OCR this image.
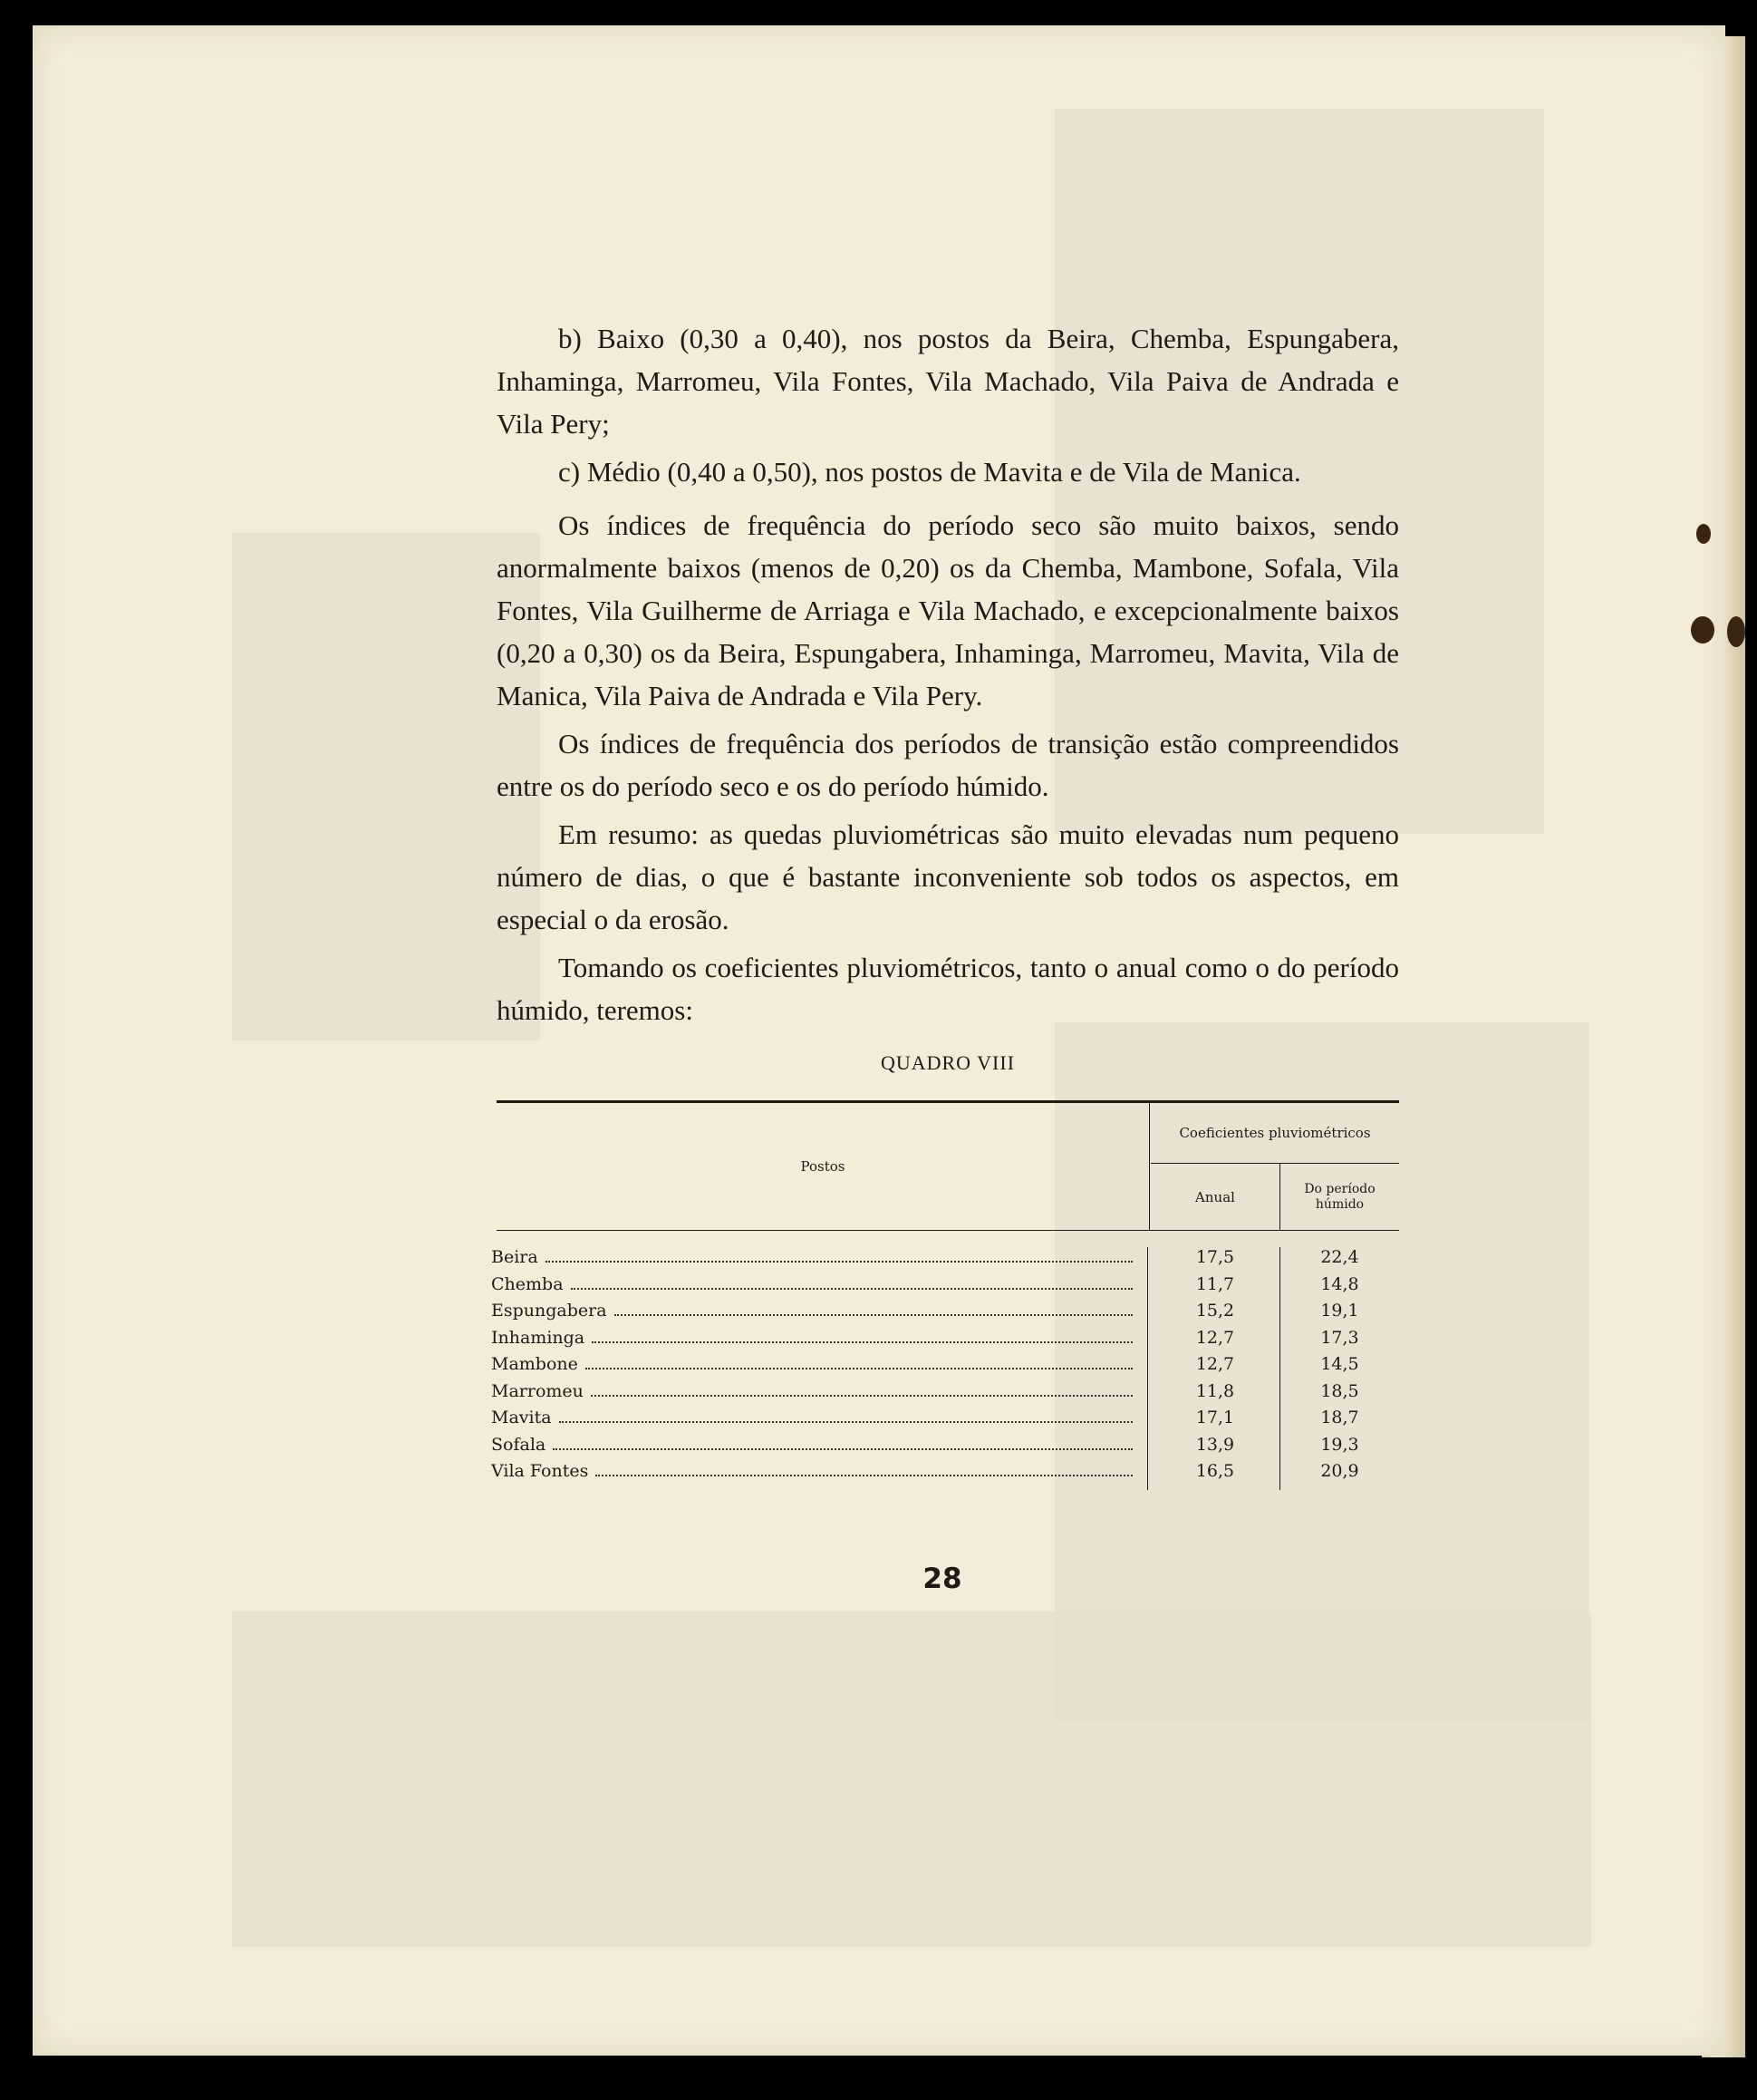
b) Baixo (0,30 a 0,40), nos postos da Beira, Chemba, Espungabera, Inhaminga, Marromeu, Vila Fontes, Vila Machado, Vila Paiva de Andrada e Vila Pery;

c) Médio (0,40 a 0,50), nos postos de Mavita e de Vila de Manica.

Os índices de frequência do período seco são muito baixos, sendo anormalmente baixos (menos de 0,20) os da Chemba, Mambone, Sofala, Vila Fontes, Vila Guilherme de Arriaga e Vila Machado, e excepcionalmente baixos (0,20 a 0,30) os da Beira, Espungabera, Inhaminga, Marromeu, Mavita, Vila de Manica, Vila Paiva de Andrada e Vila Pery.

Os índices de frequência dos períodos de transição estão compreendidos entre os do período seco e os do período húmido.

Em resumo: as quedas pluviométricas são muito elevadas num pequeno número de dias, o que é bastante inconveniente sob todos os aspectos, em especial o da erosão.

Tomando os coeficientes pluviométricos, tanto o anual como o do período húmido, teremos:

QUADRO VIII
Postos
Coeficientes pluviométricos
Anual	Do período húmido
Beira	17,5	22,4
Chemba	11,7	14,8
Espungabera	15,2	19,1
Inhaminga	12,7	17,3
Mambone	12,7	14,5
Marromeu	11,8	18,5
Mavita	17,1	18,7
Sofala	13,9	19,3
Vila Fontes	16,5	20,9
28
